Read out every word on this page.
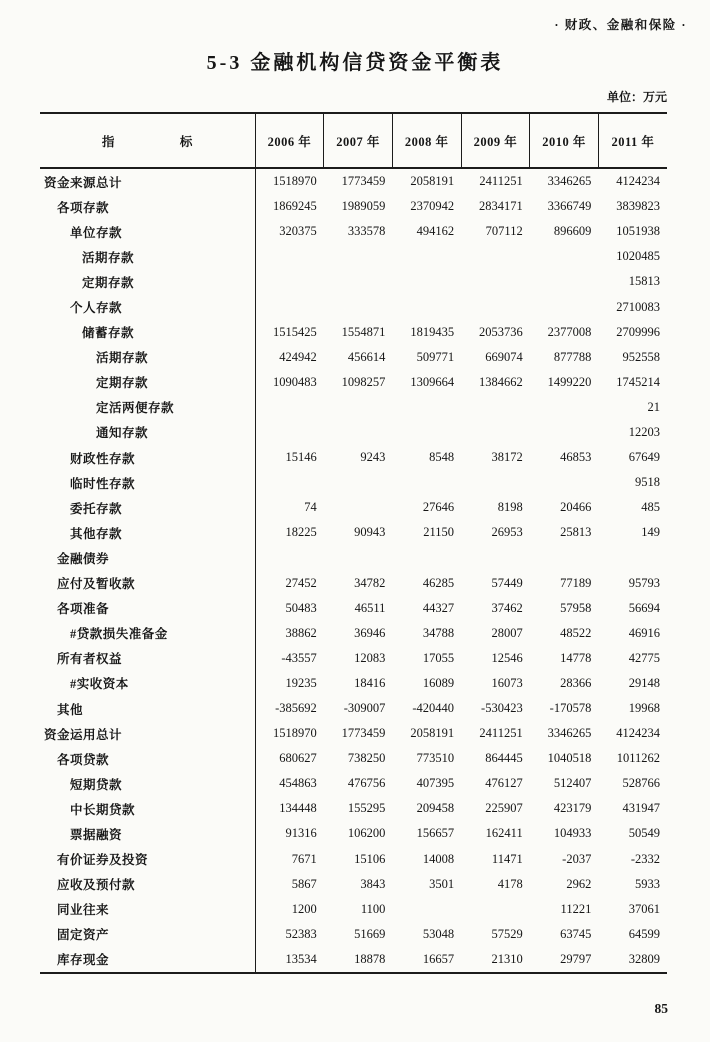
· 财政、金融和保险 ·
5-3 金融机构信贷资金平衡表
单位：万元
指　　　　　标	2006 年	2007 年	2008 年	2009 年	2010 年	2011 年
资金来源总计	1518970	1773459	2058191	2411251	3346265	4124234
各项存款	1869245	1989059	2370942	2834171	3366749	3839823
单位存款	320375	333578	494162	707112	896609	1051938
活期存款						1020485
定期存款						15813
个人存款						2710083
储蓄存款	1515425	1554871	1819435	2053736	2377008	2709996
活期存款	424942	456614	509771	669074	877788	952558
定期存款	1090483	1098257	1309664	1384662	1499220	1745214
定活两便存款						21
通知存款						12203
财政性存款	15146	9243	8548	38172	46853	67649
临时性存款						9518
委托存款	74		27646	8198	20466	485
其他存款	18225	90943	21150	26953	25813	149
金融债券						
应付及暂收款	27452	34782	46285	57449	77189	95793
各项准备	50483	46511	44327	37462	57958	56694
#贷款损失准备金	38862	36946	34788	28007	48522	46916
所有者权益	-43557	12083	17055	12546	14778	42775
#实收资本	19235	18416	16089	16073	28366	29148
其他	-385692	-309007	-420440	-530423	-170578	19968
资金运用总计	1518970	1773459	2058191	2411251	3346265	4124234
各项贷款	680627	738250	773510	864445	1040518	1011262
短期贷款	454863	476756	407395	476127	512407	528766
中长期贷款	134448	155295	209458	225907	423179	431947
票据融资	91316	106200	156657	162411	104933	50549
有价证券及投资	7671	15106	14008	11471	-2037	-2332
应收及预付款	5867	3843	3501	4178	2962	5933
同业往来	1200	1100			11221	37061
固定资产	52383	51669	53048	57529	63745	64599
库存现金	13534	18878	16657	21310	29797	32809
85
